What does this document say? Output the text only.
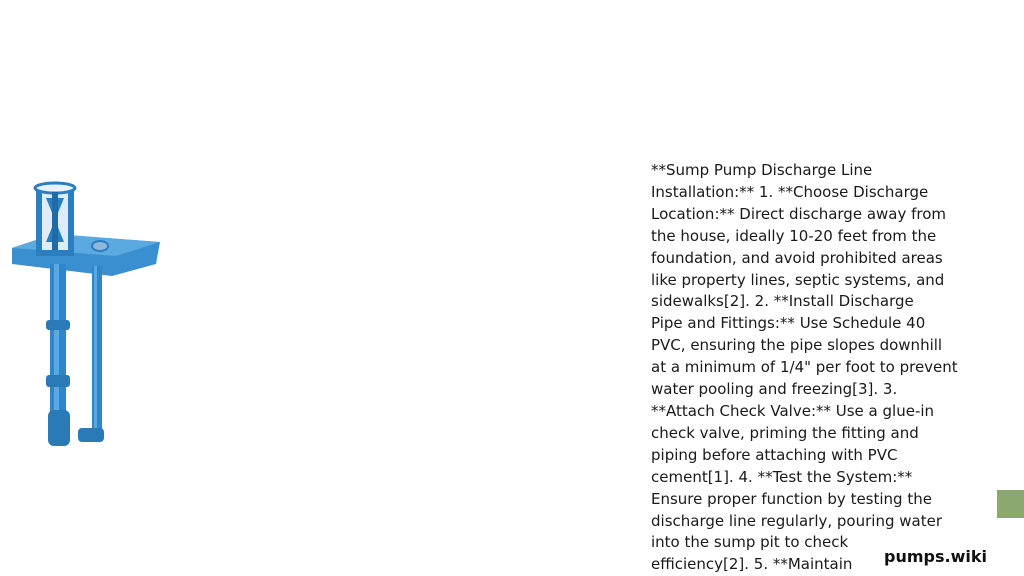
**Sump Pump Discharge Line
Installation:** 1. **Choose Discharge
Location:** Direct discharge away from
the house, ideally 10-20 feet from the
foundation, and avoid prohibited areas
like property lines, septic systems, and
sidewalks[2]. 2. **Install Discharge
Pipe and Fittings:** Use Schedule 40
PVC, ensuring the pipe slopes downhill
at a minimum of 1/4" per foot to prevent
water pooling and freezing[3]. 3.
**Attach Check Valve:** Use a glue-in
check valve, priming the fitting and
piping before attaching with PVC
cement[1]. 4. **Test the System:**
Ensure proper function by testing the
discharge line regularly, pouring water
into the sump pit to check
efficiency[2]. 5. **Maintain	pumps.wiki
